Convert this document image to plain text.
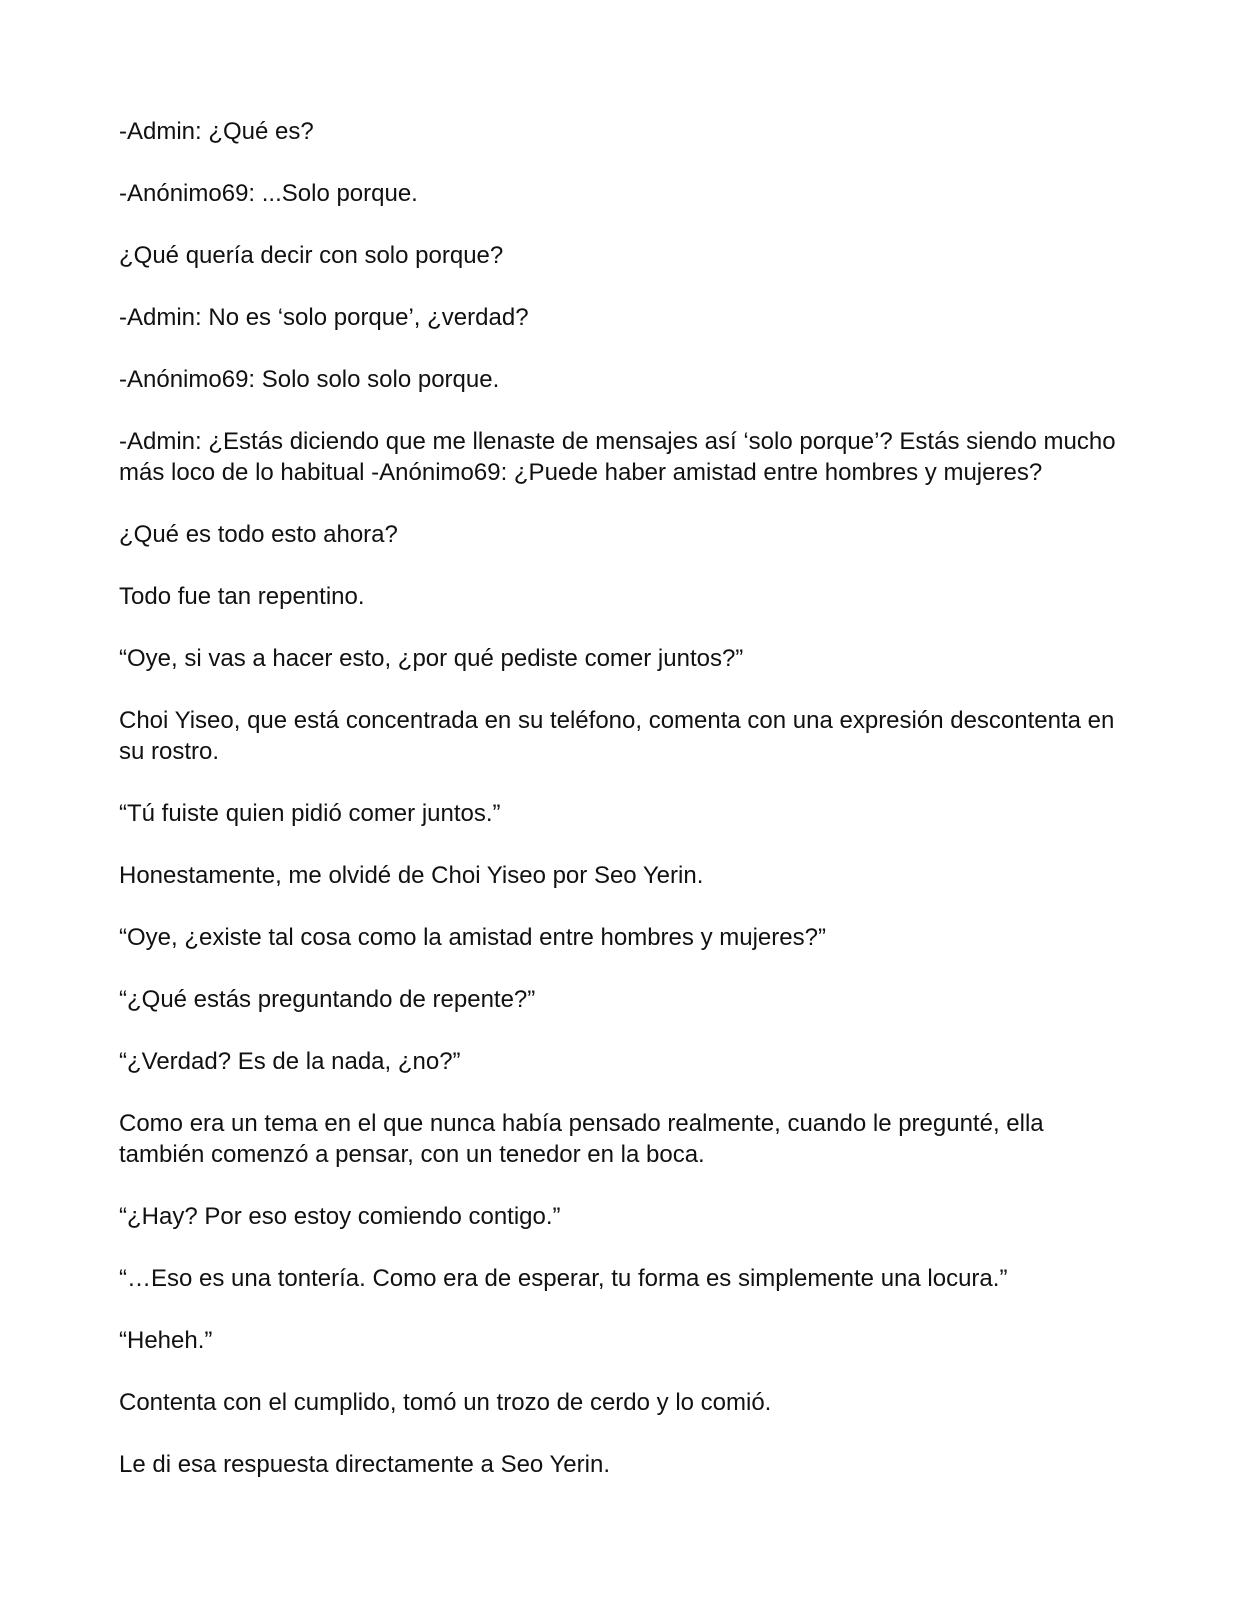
-Admin: ¿Qué es?

-Anónimo69: ...Solo porque.

¿Qué quería decir con solo porque?

-Admin: No es ‘solo porque’, ¿verdad?

-Anónimo69: Solo solo solo porque.

-Admin: ¿Estás diciendo que me llenaste de mensajes así ‘solo porque’? Estás siendo mucho más loco de lo habitual -Anónimo69: ¿Puede haber amistad entre hombres y mujeres?

¿Qué es todo esto ahora?

Todo fue tan repentino.

“Oye, si vas a hacer esto, ¿por qué pediste comer juntos?”

Choi Yiseo, que está concentrada en su teléfono, comenta con una expresión descontenta en su rostro.

“Tú fuiste quien pidió comer juntos.”

Honestamente, me olvidé de Choi Yiseo por Seo Yerin.

“Oye, ¿existe tal cosa como la amistad entre hombres y mujeres?”

“¿Qué estás preguntando de repente?”

“¿Verdad? Es de la nada, ¿no?”

Como era un tema en el que nunca había pensado realmente, cuando le pregunté, ella también comenzó a pensar, con un tenedor en la boca.

“¿Hay? Por eso estoy comiendo contigo.”

“…Eso es una tontería. Como era de esperar, tu forma es simplemente una locura.”

“Heheh.”

Contenta con el cumplido, tomó un trozo de cerdo y lo comió.

Le di esa respuesta directamente a Seo Yerin.
